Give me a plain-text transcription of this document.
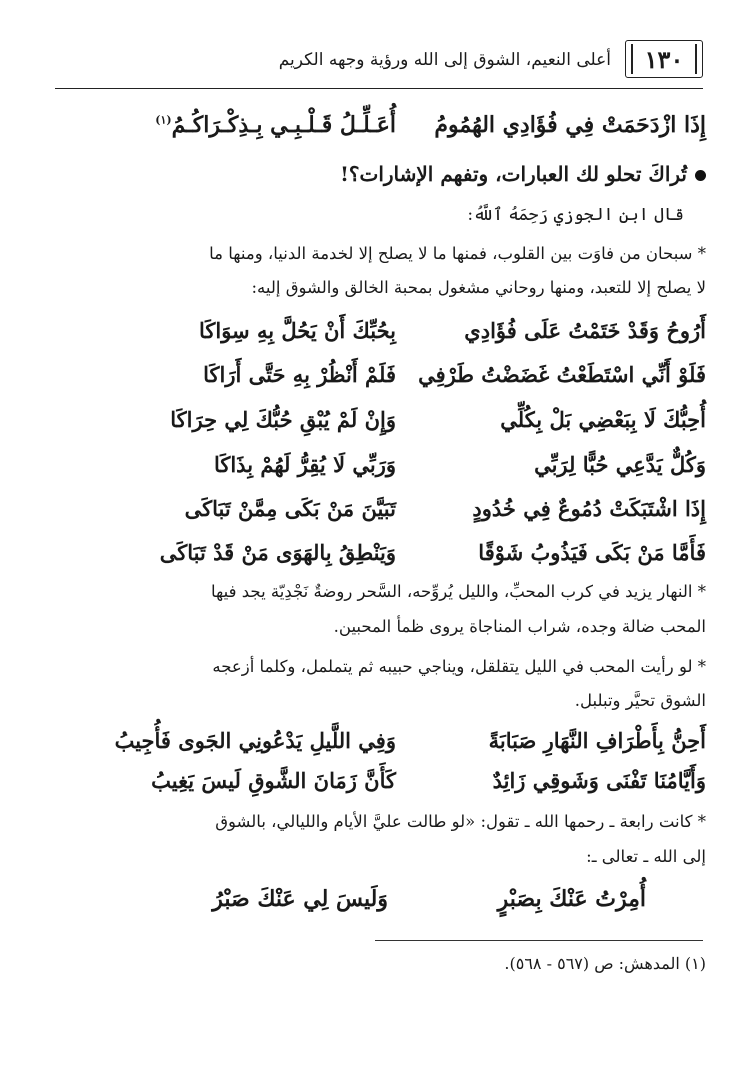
١٣٠
أعلى النعيم، الشوق إلى الله ورؤية وجهه الكريم
إِذَا ازْدَحَمَتْ فِي فُؤَادِي الهُمُومُ
أُعَـلِّـلُ قَـلْـبِـي بِـذِكْـرَاكُـمُ$^{(١)}$
تُراكَ تحلو لك العبارات، وتفهم الإشارات؟!
قال ابن الجوزي رَحِمَهُ ٱللَّهُ:
* سبحان من فاوَت بين القلوب، فمنها ما لا يصلح إلا لخدمة الدنيا، ومنها ما
لا يصلح إلا للتعبد، ومنها روحاني مشغول بمحبة الخالق والشوق إليه:
أَرُوحُ وَقَدْ خَتَمْتُ عَلَى فُؤَادِي
بِحُبِّكَ أَنْ يَحُلَّ بِهِ سِوَاكَا
فَلَوْ أَنِّي اسْتَطَعْتُ غَضَضْتُ طَرْفِي
فَلَمْ أَنْظُرْ بِهِ حَتَّى أَرَاكَا
أُحِبُّكَ لَا بِبَعْضِي بَلْ بِكُلِّي
وَإِنْ لَمْ يُبْقِ حُبُّكَ لِي حِرَاكَا
وَكُلٌّ يَدَّعِي حُبًّا لِرَبِّي
وَرَبِّي لَا يُقِرُّ لَهُمْ بِذَاكَا
إِذَا اشْتَبَكَتْ دُمُوعٌ فِي خُدُودٍ
تَبَيَّنَ مَنْ بَكَى مِمَّنْ تَبَاكَى
فَأَمَّا مَنْ بَكَى فَيَذُوبُ شَوْقًا
وَيَنْطِقُ بِالهَوَى مَنْ قَدْ تَبَاكَى
* النهار يزيد في كرب المحبِّ، والليل يُروِّحه، السَّحر روضةٌ نَجْدِيّة يجد فيها
المحب ضالة وجده، شراب المناجاة يروى ظمأ المحبين.
* لو رأيت المحب في الليل يتقلقل، ويناجي حبيبه ثم يتململ، وكلما أزعجه
الشوق تحيَّر وتبلبل.
أَحِنُّ بِأَطْرَافِ النَّهَارِ صَبَابَةً
وَفِي اللَّيلِ يَدْعُونِي الجَوى فَأُجِيبُ
وَأَيَّامُنَا تَفْنَى وَشَوقِي زَائِدٌ
كَأَنَّ زَمَانَ الشَّوقِ لَيسَ يَغِيبُ
* كانت رابعة ـ رحمها الله ـ تقول: «لو طالت عليَّ الأيام والليالي، بالشوق
إلى الله ـ تعالى ـ:
أُمِرْتُ عَنْكَ بِصَبْرٍ
وَلَيسَ لِي عَنْكَ صَبْرُ
(١) المدهش: ص (٥٦٧ - ٥٦٨).
